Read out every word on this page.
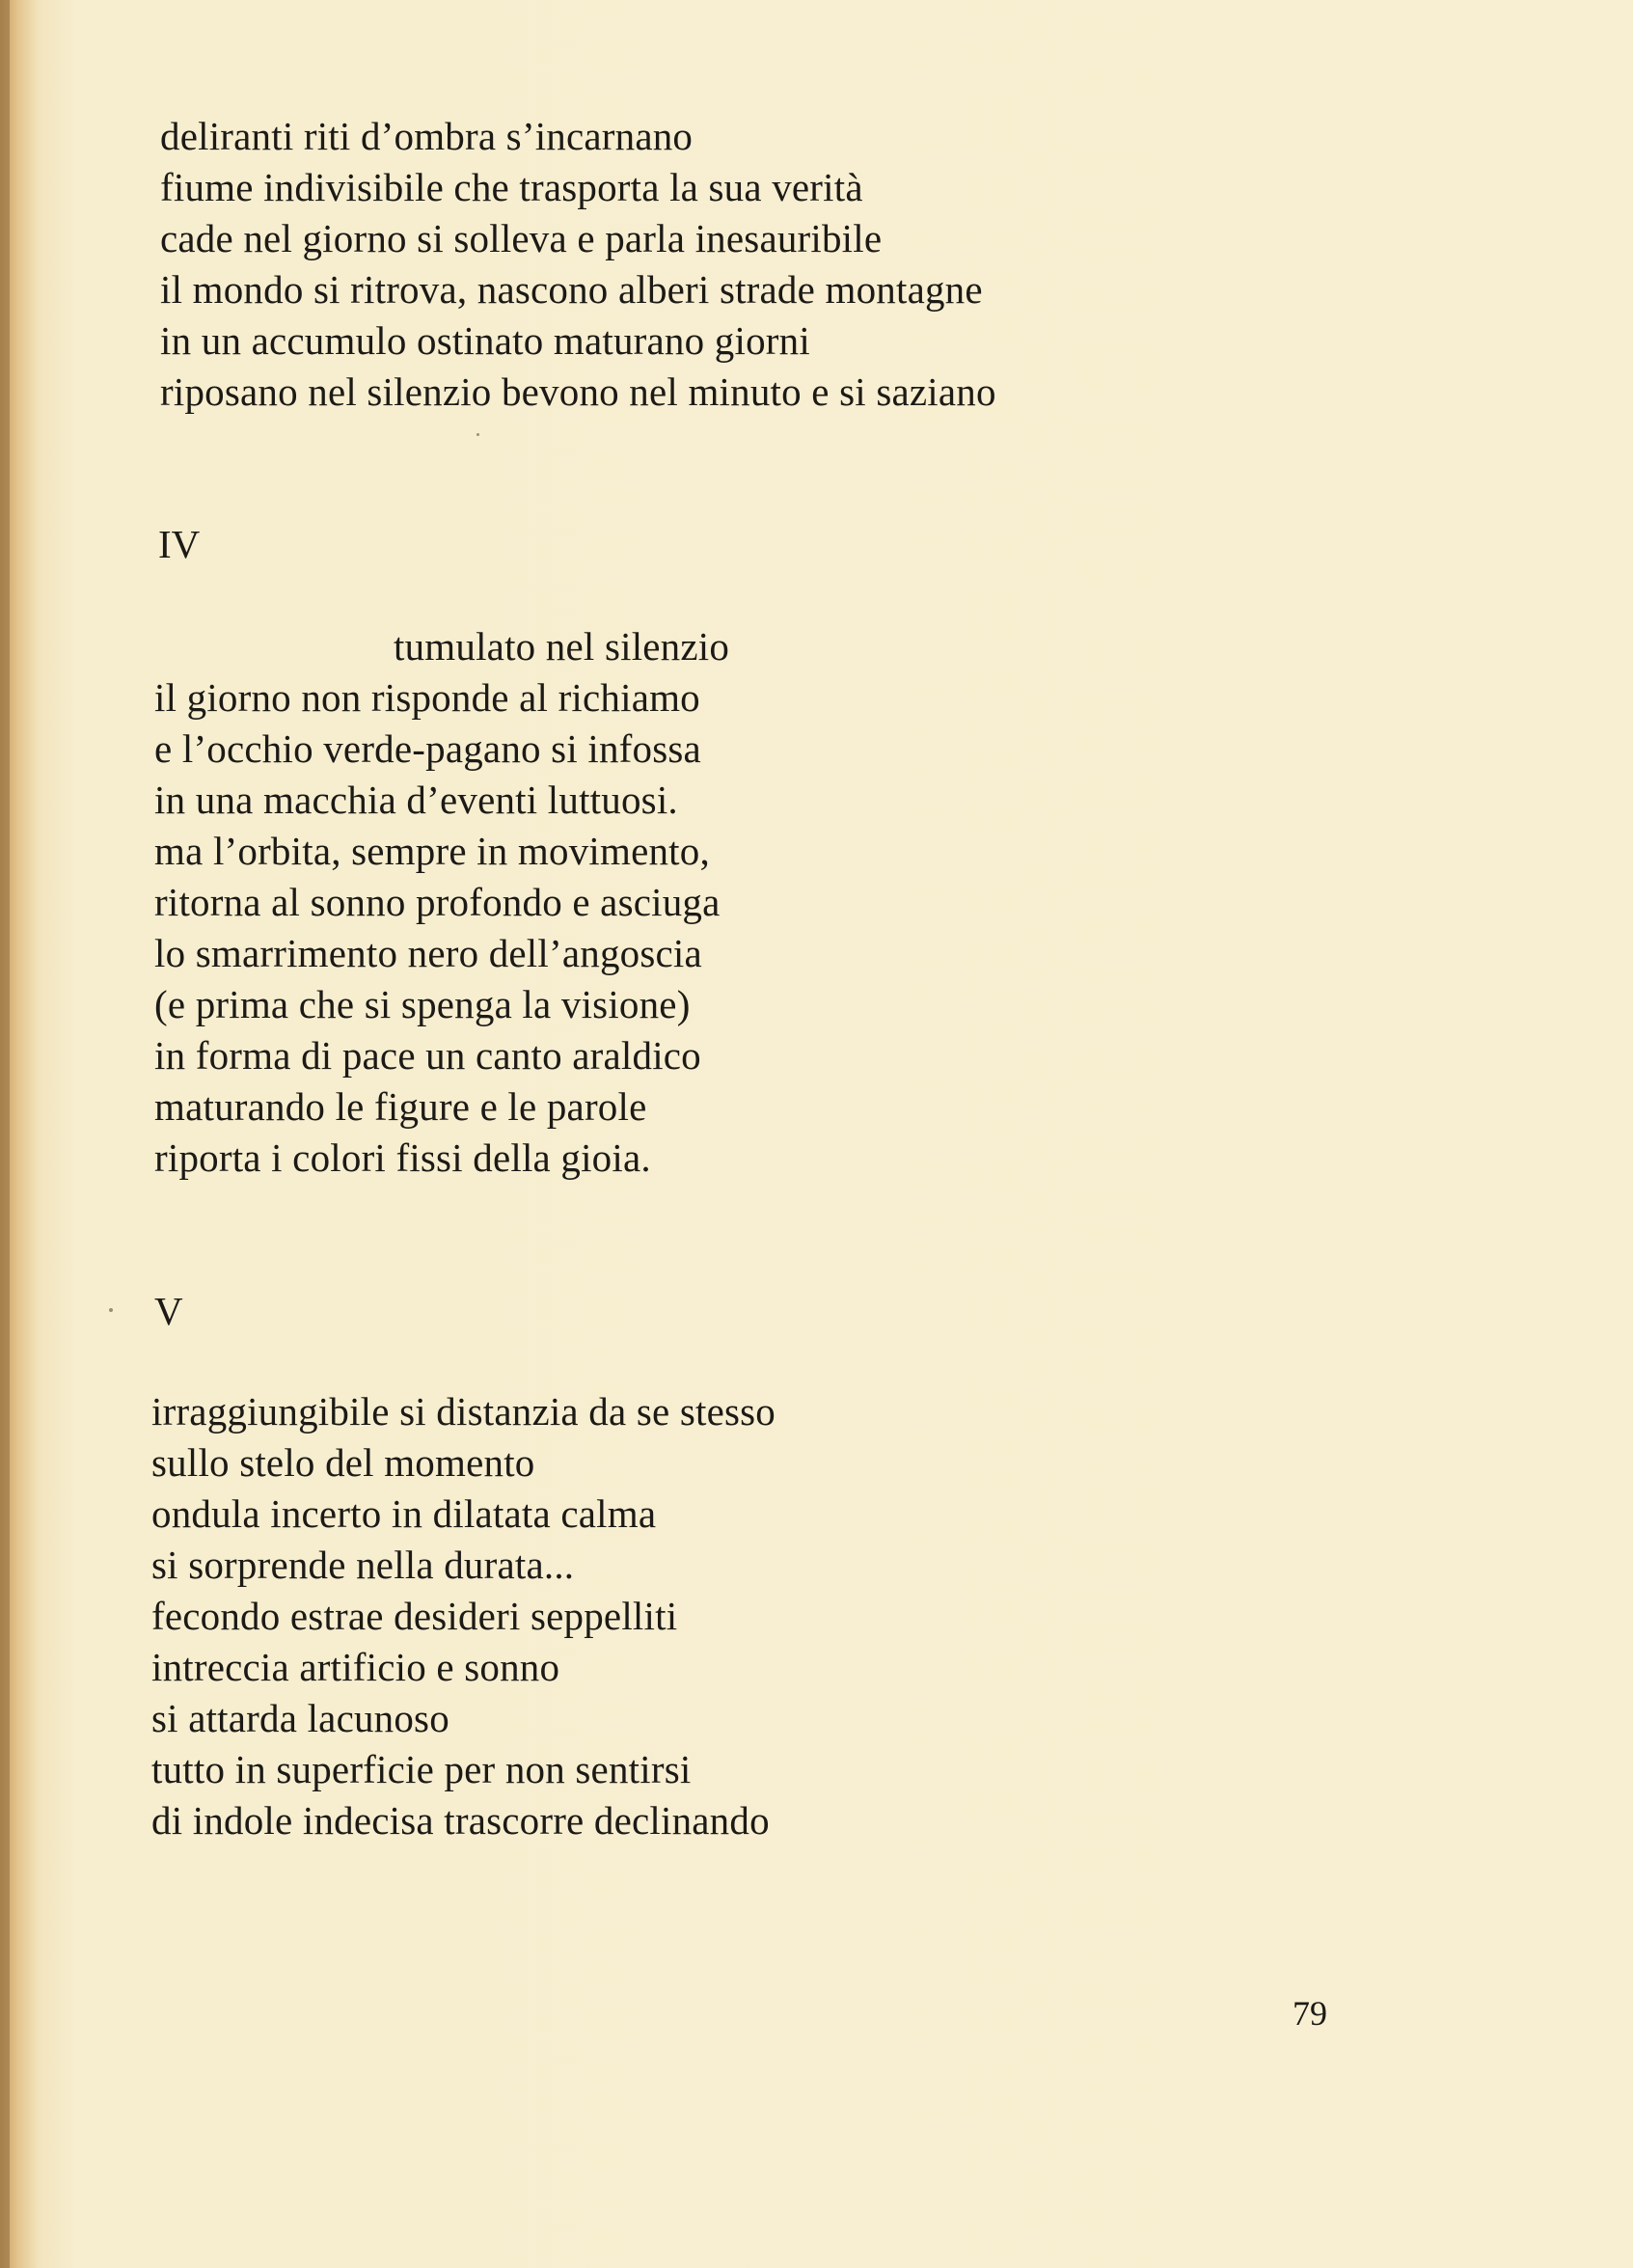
deliranti riti d’ombra s’incarnano
fiume indivisibile che trasporta la sua verità
cade nel giorno si solleva e parla inesauribile
il mondo si ritrova, nascono alberi strade montagne
in un accumulo ostinato maturano giorni
riposano nel silenzio bevono nel minuto e si saziano
IV
tumulato nel silenzio
il giorno non risponde al richiamo
e l’occhio verde-pagano si infossa
in una macchia d’eventi luttuosi.
ma l’orbita, sempre in movimento,
ritorna al sonno profondo e asciuga
lo smarrimento nero dell’angoscia
(e prima che si spenga la visione)
in forma di pace un canto araldico
maturando le figure e le parole
riporta i colori fissi della gioia.
V
irraggiungibile si distanzia da se stesso
sullo stelo del momento
ondula incerto in dilatata calma
si sorprende nella durata...
fecondo estrae desideri seppelliti
intreccia artificio e sonno
si attarda lacunoso
tutto in superficie per non sentirsi
di indole indecisa trascorre declinando
79
